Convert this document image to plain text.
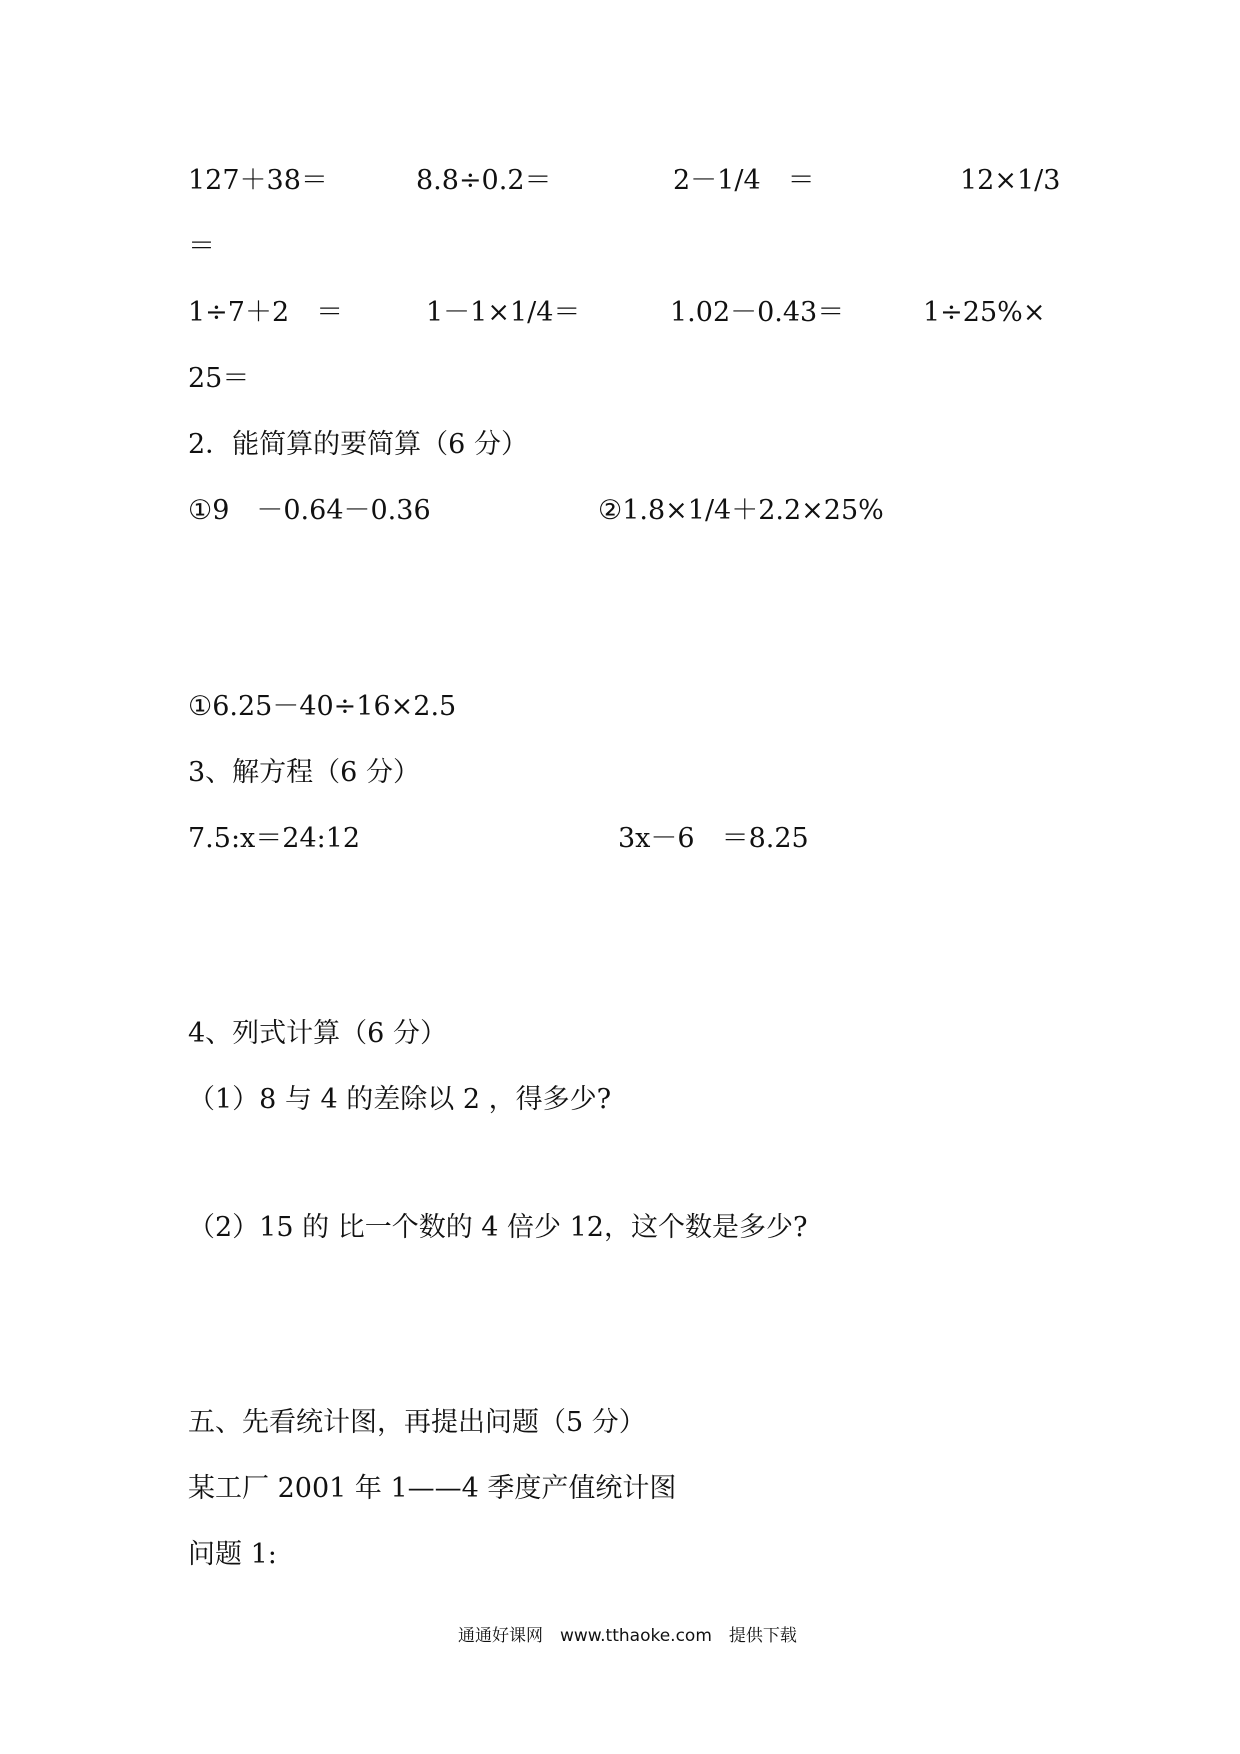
127＋38＝	8.8÷0.2＝	2－1/4　＝	12×1/3
＝
1÷7＋2　＝	1－1×1/4＝	1.02－0.43＝	1÷25%×
25＝
2．能简算的要简算（6 分）
①9　－0.64－0.36	②1.8×1/4＋2.2×25%
①6.25－40÷16×2.5
3、解方程（6 分）
7.5:x＝24:12	3x－6　＝8.25
4、列式计算（6 分）
（1）8 与 4 的差除以 2 ，得多少?
（2）15 的 比一个数的 4 倍少 12，这个数是多少?
五、先看统计图，再提出问题（5 分）
某工厂 2001 年 1——4 季度产值统计图
问题 1:
通通好课网　www.tthaoke.com　提供下载
